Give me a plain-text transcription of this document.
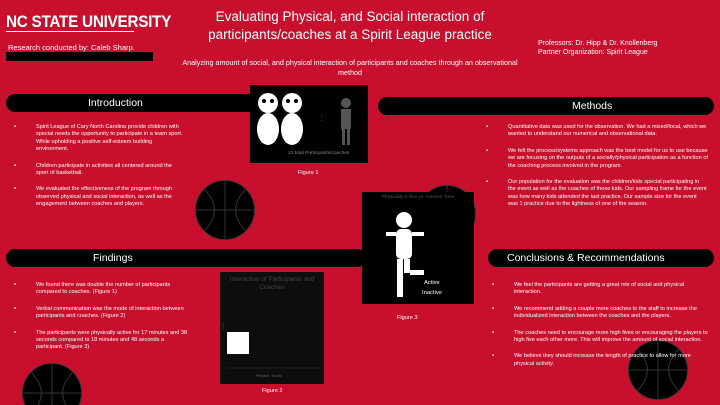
NC STATE UNIVERSITY	Evaluating Physical, and Social interaction of participants/coaches at a Spirit League practice
Analyzing amount of social, and physical interaction of participants and coaches through an observational method
Research conducted by: Caleb Sharp.	Professors: Dr. Hipp & Dr. Knollenberg
Partner Organization: Spirit League
Introduction
▪ Spirit League of Cary North Carolina provide children with special needs the opportunity to participate in a team sport. While upholding a positive self-esteem building environment.
▪ Children participate in activities all centered around the sport of basketball.
▪ We evaluated the effectiveness of the program through observed physical and social interaction, as well as the engagement between coaches and players.
:
21 total Participants/coaches
Figure 1
Methods
▪ Quantitative data was used for the observation. We had a mixed/focal, which we wanted to understand our numerical and observational data.
▪ We felt the process/systems approach was the best model for us to use because we are focusing on the outputs of a socially/physical participation as a function of the coaching process involved in the program.
▪ Our population for the evaluation was the children/kids special participating in the event as well as the coaches of those kids. Our sampling frame for the event was how many kids attended the last practice. Our sample size for the event was 1 practice due to the lightness of one of the season.
Physically Active vs. Inactive Time
Active
Inactive
Figure 3
Findings
▪ We found there was double the number of participants compared to coaches. (Figure 1)
▪ Verbal communication was the mode of interaction between participants and coaches. (Figure 2)
▪ The participants were physically active for 17 minutes and 38 seconds compared to 18 minutes and 48 seconds a participant. (Figure 3)
Interaction of Participants and Coaches
Physical Social
Figure 2
Conclusions & Recommendations
▪ We feel the participants are getting a great mix of social and physical interaction.
▪ We recommend adding a couple more coaches to the staff to increase the individualized interaction between the coaches and the players.
▪ The coaches need to encourage more high fives or encouraging the players to high five each other more. This will improve the amount of social interaction.
▪ We believe they should increase the length of practice to allow for more physical activity.
